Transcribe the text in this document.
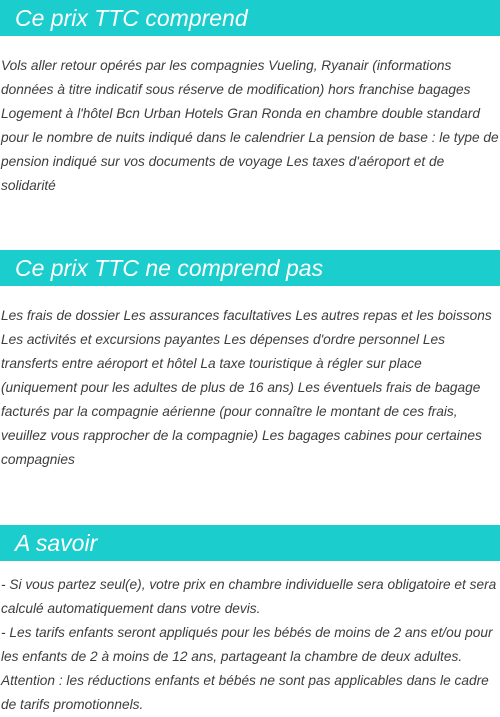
Ce prix TTC comprend

Vols aller retour opérés par les compagnies Vueling, Ryanair (informations données à titre indicatif sous réserve de modification) hors franchise bagages Logement à l'hôtel Bcn Urban Hotels Gran Ronda en chambre double standard pour le nombre de nuits indiqué dans le calendrier La pension de base : le type de pension indiqué sur vos documents de voyage Les taxes d'aéroport et de solidarité

Ce prix TTC ne comprend pas

Les frais de dossier Les assurances facultatives Les autres repas et les boissons Les activités et excursions payantes Les dépenses d'ordre personnel Les transferts entre aéroport et hôtel La taxe touristique à régler sur place (uniquement pour les adultes de plus de 16 ans) Les éventuels frais de bagage facturés par la compagnie aérienne (pour connaître le montant de ces frais, veuillez vous rapprocher de la compagnie) Les bagages cabines pour certaines compagnies

A savoir

- Si vous partez seul(e), votre prix en chambre individuelle sera obligatoire et sera calculé automatiquement dans votre devis.

- Les tarifs enfants seront appliqués pour les bébés de moins de 2 ans et/ou pour les enfants de 2 à moins de 12 ans, partageant la chambre de deux adultes. Attention : les réductions enfants et bébés ne sont pas applicables dans le cadre de tarifs promotionnels.
